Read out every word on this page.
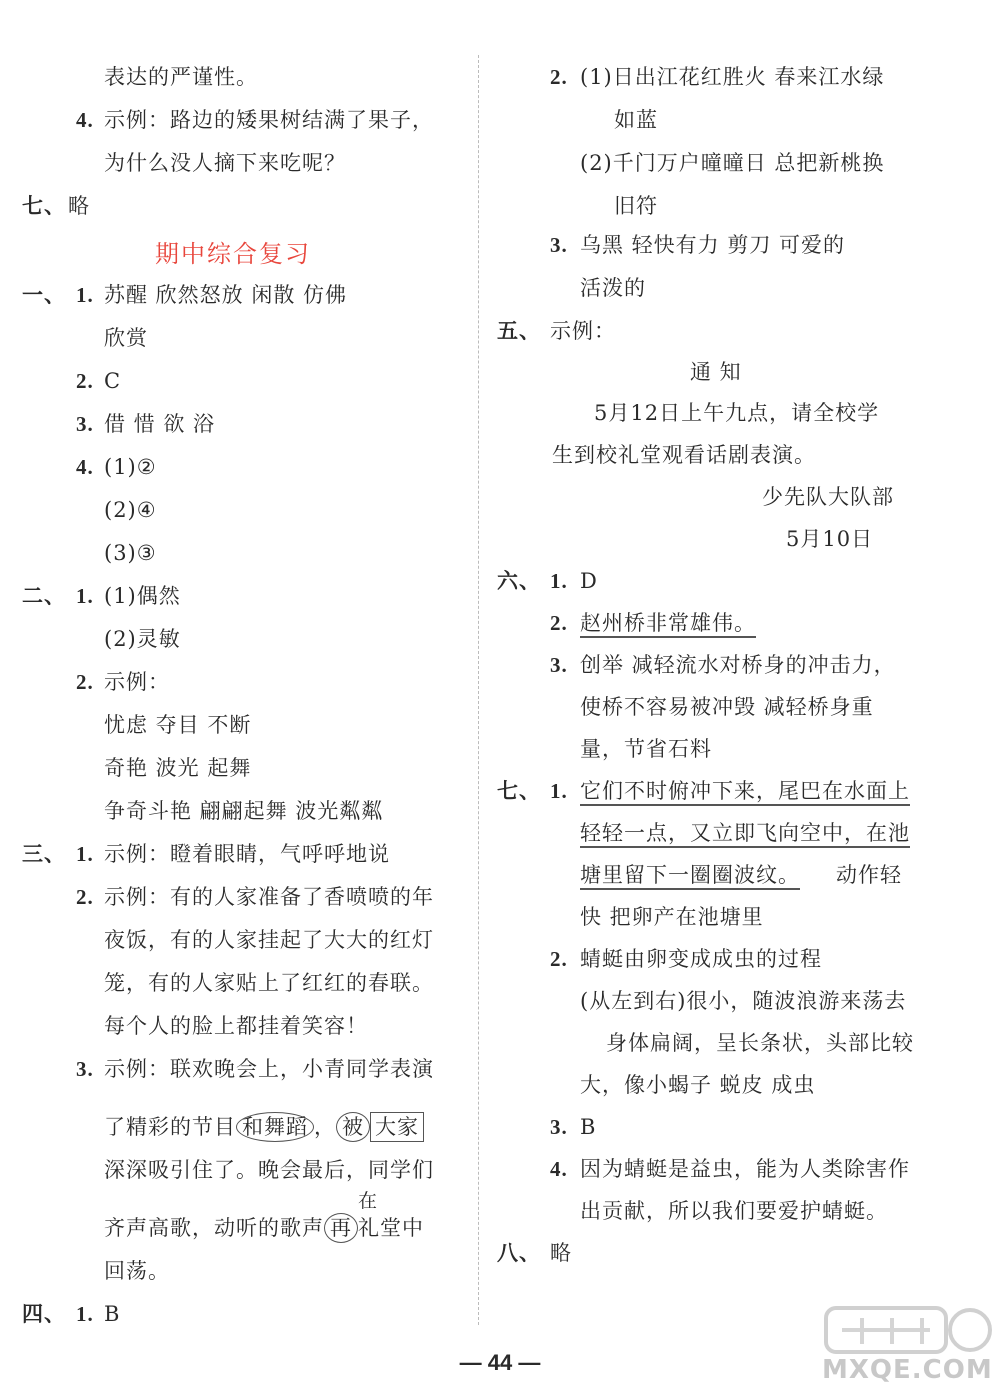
表达的严谨性。
4. 示例：路边的矮果树结满了果子，
为什么没人摘下来吃呢？
七、 略
期中综合复习
一、 1. 苏醒 欣然怒放 闲散 仿佛
欣赏
2. C
3. 借 惜 欲 浴
4. (1)②
(2)④
(3)③
二、 1. (1)偶然
(2)灵敏
2. 示例：
忧虑 夺目 不断
奇艳 波光 起舞
争奇斗艳 翩翩起舞 波光粼粼
三、 1. 示例：瞪着眼睛，气呼呼地说
2. 示例：有的人家准备了香喷喷的年
夜饭，有的人家挂起了大大的红灯
笼，有的人家贴上了红红的春联。
每个人的脸上都挂着笑容！
3. 示例：联欢晚会上，小青同学表演
了精彩的节目 和舞蹈 ， 被 大家
深深吸引住了。晚会最后，同学们
在
齐声高歌，动听的歌声 再 礼堂中
回荡。
四、 1. B
2. (1)日出江花红胜火 春来江水绿
如蓝
(2)千门万户曈曈日 总把新桃换
旧符
3. 乌黑 轻快有力 剪刀 可爱的
活泼的
五、 示例：
通 知
5月12日上午九点，请全校学
生到校礼堂观看话剧表演。
少先队大队部
5月10日
六、 1. D
2. 赵州桥非常雄伟。
3. 创举 减轻流水对桥身的冲击力，
使桥不容易被冲毁 减轻桥身重
量，节省石料
七、 1. 它们不时俯冲下来，尾巴在水面上
轻轻一点，又立即飞向空中，在池
塘里留下一圈圈波纹。 动作轻
快 把卵产在池塘里
2. 蜻蜓由卵变成成虫的过程
(从左到右)很小，随波浪游来荡去
身体扁阔，呈长条状，头部比较
大，像小蝎子 蜕皮 成虫
3. B
4. 因为蜻蜓是益虫，能为人类除害作
出贡献，所以我们要爱护蜻蜓。
八、 略
— 44 —	MXQE.COM
